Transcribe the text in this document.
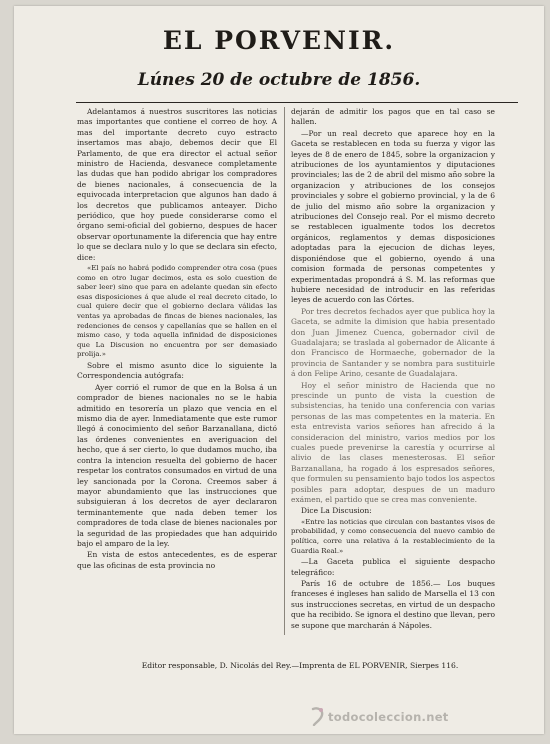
EL PORVENIR.
Lúnes 20 de octubre de 1856.

Adelantamos á nuestros suscritores las noticias mas importantes que contiene el correo de hoy. A mas del importante decreto cuyo estracto insertamos mas abajo, debemos decir que El Parlamento, de que era director el actual señor ministro de Hacienda, desvanece completamente las dudas que han podido abrigar los compradores de bienes nacionales, á consecuencia de la equivocada interpretacion que algunos han dado á los decretos que publicamos anteayer. Dicho periódico, que hoy puede considerarse como el órgano semi-oficial del gobierno, despues de hacer observar oportunamente la diferencia que hay entre lo que se declara nulo y lo que se declara sin efecto, dice:

«El país no habrá podido comprender otra cosa (pues como en otro lugar decimos, esta es solo cuestion de saber leer) sino que para en adelante quedan sin efecto esas disposiciones á que alude el real decreto citado, lo cual quiere decir que el gobierno declara válidas las ventas ya aprobadas de fincas de bienes nacionales, las redenciones de censos y capellanías que se hallen en el mismo caso, y toda aquella infinidad de disposiciones que La Discusion no encuentra por ser demasiado prolija.»

Sobre el mismo asunto dice lo siguiente la Correspondencia autógrafa:

Ayer corrió el rumor de que en la Bolsa á un comprador de bienes nacionales no se le habia admitido en tesorería un plazo que vencia en el mismo dia de ayer. Inmediatamente que este rumor llegó á conocimiento del señor Barzanallana, dictó las órdenes convenientes en averiguacion del hecho, que á ser cierto, lo que dudamos mucho, iba contra la intencion resuelta del gobierno de hacer respetar los contratos consumados en virtud de una ley sancionada por la Corona. Creemos saber á mayor abundamiento que las instrucciones que subsiguieran á los decretos de ayer declararon terminantemente que nada deben temer los compradores de toda clase de bienes nacionales por la seguridad de las propiedades que han adquirido bajo el amparo de la ley.

En vista de estos antecedentes, es de esperar que las oficinas de esta provincia no

dejarán de admitir los pagos que en tal caso se hallen.

—Por un real decreto que aparece hoy en la Gaceta se restablecen en toda su fuerza y vigor las leyes de 8 de enero de 1845, sobre la organizacion y atribuciones de los ayuntamientos y diputaciones provinciales; las de 2 de abril del mismo año sobre la organizacion y atribuciones de los consejos provinciales y sobre el gobierno provincial, y la de 6 de julio del mismo año sobre la organizacion y atribuciones del Consejo real. Por el mismo decreto se restablecen igualmente todos los decretos orgánicos, reglamentos y demas disposiciones adoptadas para la ejecucion de dichas leyes, disponiéndose que el gobierno, oyendo á una comision formada de personas competentes y experimentadas propondrá á S. M. las reformas que hubiere necesidad de introducir en las referidas leyes de acuerdo con las Córtes.

Por tres decretos fechados ayer que publica hoy la Gaceta, se admite la dimision que habia presentado don Juan Jimenez Cuenca, gobernador civil de Guadalajara; se traslada al gobernador de Alicante á don Francisco de Hormaeche, gobernador de la provincia de Santander y se nombra para sustituirle á don Felipe Arino, cesante de Guadalajara.

Hoy el señor ministro de Hacienda que no prescinde un punto de vista la cuestion de subsistencias, ha tenido una conferencia con varias personas de las mas competentes en la materia. En esta entrevista varios señores han afrecido á la consideracion del ministro, varios medios por los cuales puede prevenirse la carestía y ocurrirse al alivio de las clases menesterosas. El señor Barzanallana, ha rogado á los espresados señores, que formulen su pensamiento bajo todos los aspectos posibles para adoptar, despues de un maduro exámen, el partido que se crea mas conveniente.

Dice La Discusion:

«Entre las noticias que circulan con bastantes visos de probabilidad, y como consecuencia del nuevo cambio de política, corre una relativa á la restablecimiento de la Guardia Real.»

—La Gaceta publica el siguiente despacho telegráfico:

París 16 de octubre de 1856.— Los buques franceses é ingleses han salido de Marsella el 13 con sus instrucciones secretas, en virtud de un despacho que ha recibido. Se ignora el destino que llevan, pero se supone que marcharán á Nápoles.

Editor responsable, D. Nicolás del Rey.—Imprenta de EL PORVENIR, Sierpes 116.
todocoleccion.net
